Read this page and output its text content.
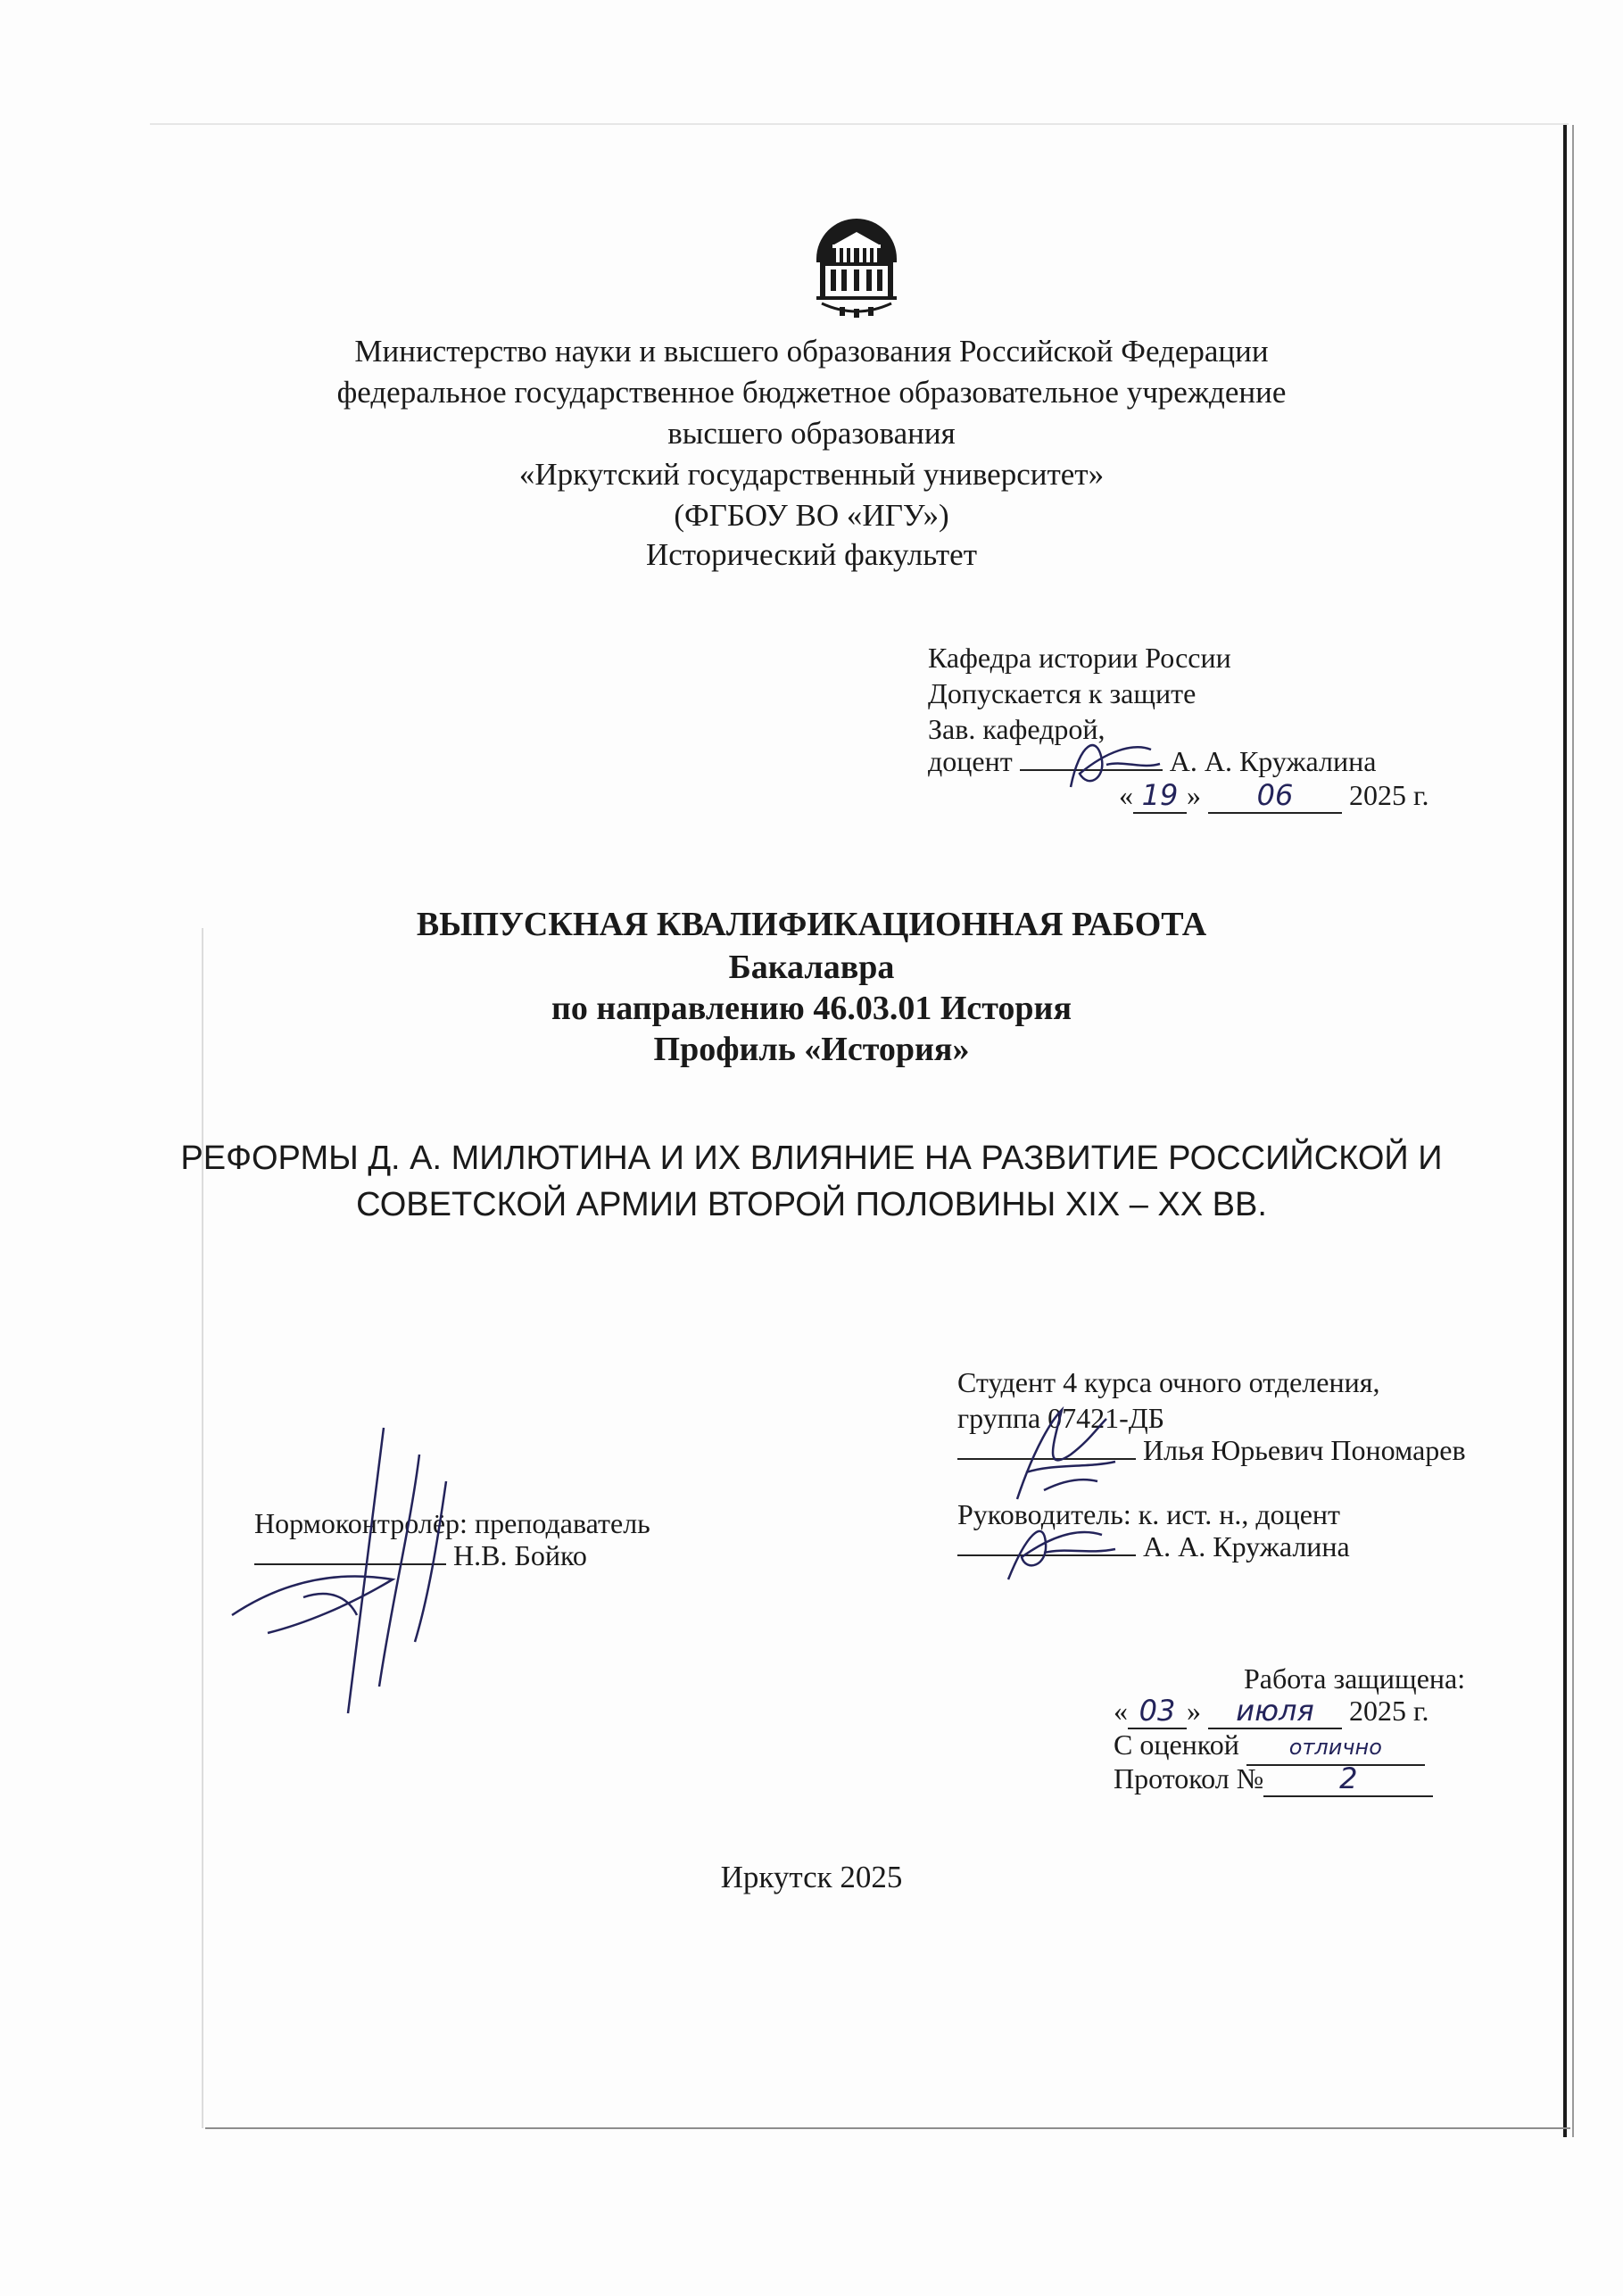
Министерство науки и высшего образования Российской Федерации
федеральное государственное бюджетное образовательное учреждение
высшего образования
«Иркутский государственный университет»
(ФГБОУ ВО «ИГУ»)
Исторический факультет
Кафедра истории России
Допускается к защите
Зав. кафедрой,
доцент	А. А. Кружалина
« 19 » 06 2025 г.
ВЫПУСКНАЯ КВАЛИФИКАЦИОННАЯ РАБОТА
Бакалавра
по направлению 46.03.01 История
Профиль «История»
РЕФОРМЫ Д. А. МИЛЮТИНА И ИХ ВЛИЯНИЕ НА РАЗВИТИЕ РОССИЙСКОЙ И
СОВЕТСКОЙ АРМИИ ВТОРОЙ ПОЛОВИНЫ XIX – XX ВВ.
Студент 4 курса очного отделения,
группа 07421-ДБ
Илья Юрьевич Пономарев
Руководитель: к. ист. н., доцент
А. А. Кружалина
Нормоконтролёр: преподаватель
Н.В. Бойко
Работа защищена:
« 03 » июля 2025 г.
С оценкой отлично
Протокол №	2
Иркутск 2025
